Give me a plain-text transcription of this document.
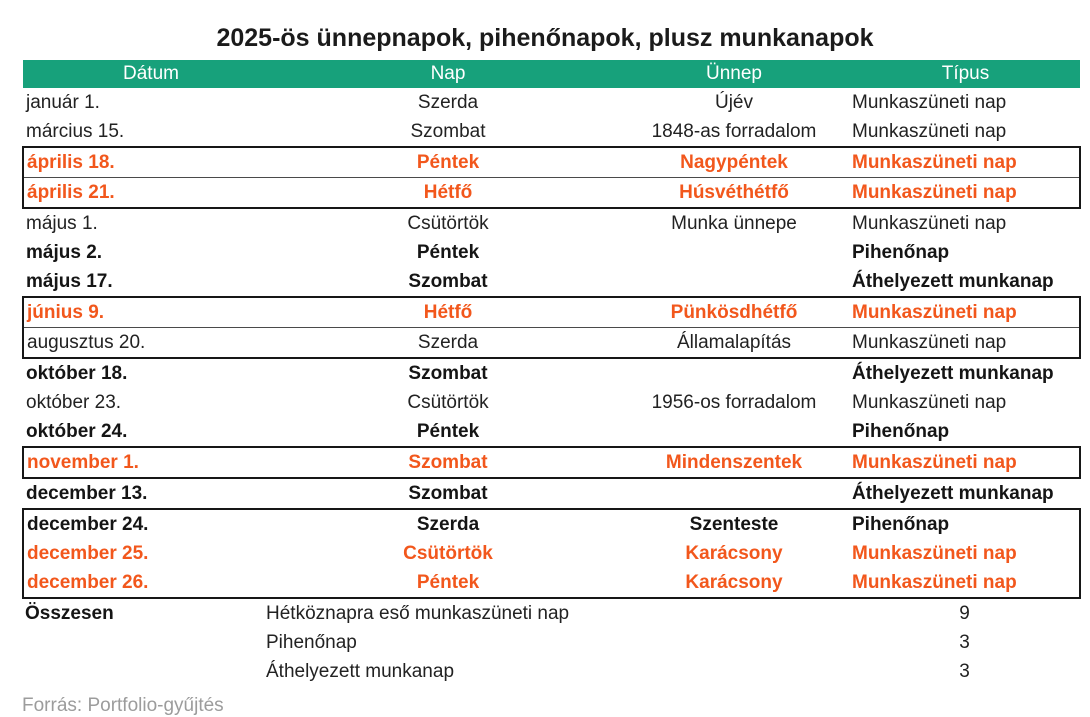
2025-ös ünnepnapok, pihenőnapok, plusz munkanapok
Dátum	Nap	Ünnep	Típus
január 1.	Szerda	Újév	Munkaszüneti nap
március 15.	Szombat	1848-as forradalom	Munkaszüneti nap
április 18.	Péntek	Nagypéntek	Munkaszüneti nap
április 21.	Hétfő	Húsvéthétfő	Munkaszüneti nap
május 1.	Csütörtök	Munka ünnepe	Munkaszüneti nap
május 2.	Péntek		Pihenőnap
május 17.	Szombat		Áthelyezett munkanap
június 9.	Hétfő	Pünkösdhétfő	Munkaszüneti nap
augusztus 20.	Szerda	Államalapítás	Munkaszüneti nap
október 18.	Szombat		Áthelyezett munkanap
október 23.	Csütörtök	1956-os forradalom	Munkaszüneti nap
október 24.	Péntek		Pihenőnap
november 1.	Szombat	Mindenszentek	Munkaszüneti nap
december 13.	Szombat		Áthelyezett munkanap
december 24.	Szerda	Szenteste	Pihenőnap
december 25.	Csütörtök	Karácsony	Munkaszüneti nap
december 26.	Péntek	Karácsony	Munkaszüneti nap
Összesen	Hétköznapra eső munkaszüneti nap	9
Pihenőnap	3
Áthelyezett munkanap	3
Forrás: Portfolio-gyűjtés
